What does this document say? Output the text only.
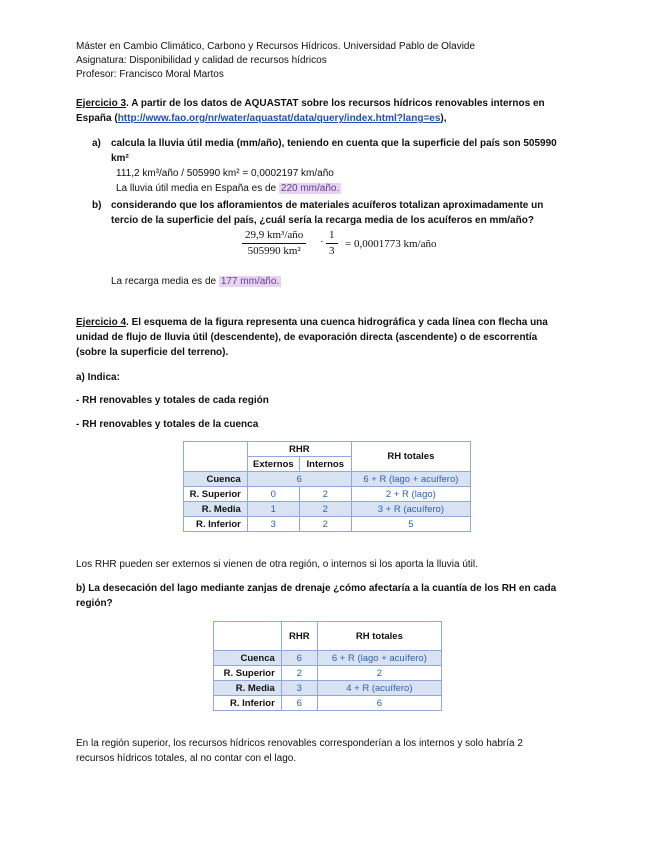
Máster en Cambio Climático, Carbono y Recursos Hídricos. Universidad Pablo de Olavide
Asignatura: Disponibilidad y calidad de recursos hídricos
Profesor: Francisco Moral Martos
Ejercicio 3. A partir de los datos de AQUASTAT sobre los recursos hídricos renovables internos en
España (http://www.fao.org/nr/water/aquastat/data/query/index.html?lang=es),
a) calcula la lluvia útil media (mm/año), teniendo en cuenta que la superficie del país son 505990
km²
111,2 km³/año / 505990 km² = 0,0002197 km/año
La lluvia útil media en España es de 220 mm/año.
b) considerando que los afloramientos de materiales acuíferos totalizan aproximadamente un
tercio de la superficie del país, ¿cuál sería la recarga media de los acuíferos en mm/año?
29,9 km³/año
505990 km²
· $\frac{1}{3} = 0,0001773$ km/año
La recarga media es de 177 mm/año.
Ejercicio 4. El esquema de la figura representa una cuenca hidrográfica y cada línea con flecha una
unidad de flujo de lluvia útil (descendente), de evaporación directa (ascendente) o de escorrentía
(sobre la superficie del terreno).
a) Indica:
- RH renovables y totales de cada región
- RH renovables y totales de la cuenca
	RHR		RH totales
	Externos	Internos	
Cuenca	6		6 + R (lago + acuífero)
R. Superior	0	2	2 + R (lago)
R. Media	1	2	3 + R (acuífero)
R. Inferior	3	2	5
Los RHR pueden ser externos si vienen de otra región, o internos si los aporta la lluvia útil.
b) La desecación del lago mediante zanjas de drenaje ¿cómo afectaría a la cuantía de los RH en cada
región?
	RHR	RH totales
Cuenca	6	6 + R (lago + acuífero)
R. Superior	2	2
R. Media	3	4 + R (acuífero)
R. Inferior	6	6
En la región superior, los recursos hídricos renovables corresponderían a los internos y solo habría 2
recursos hídricos totales, al no contar con el lago.
